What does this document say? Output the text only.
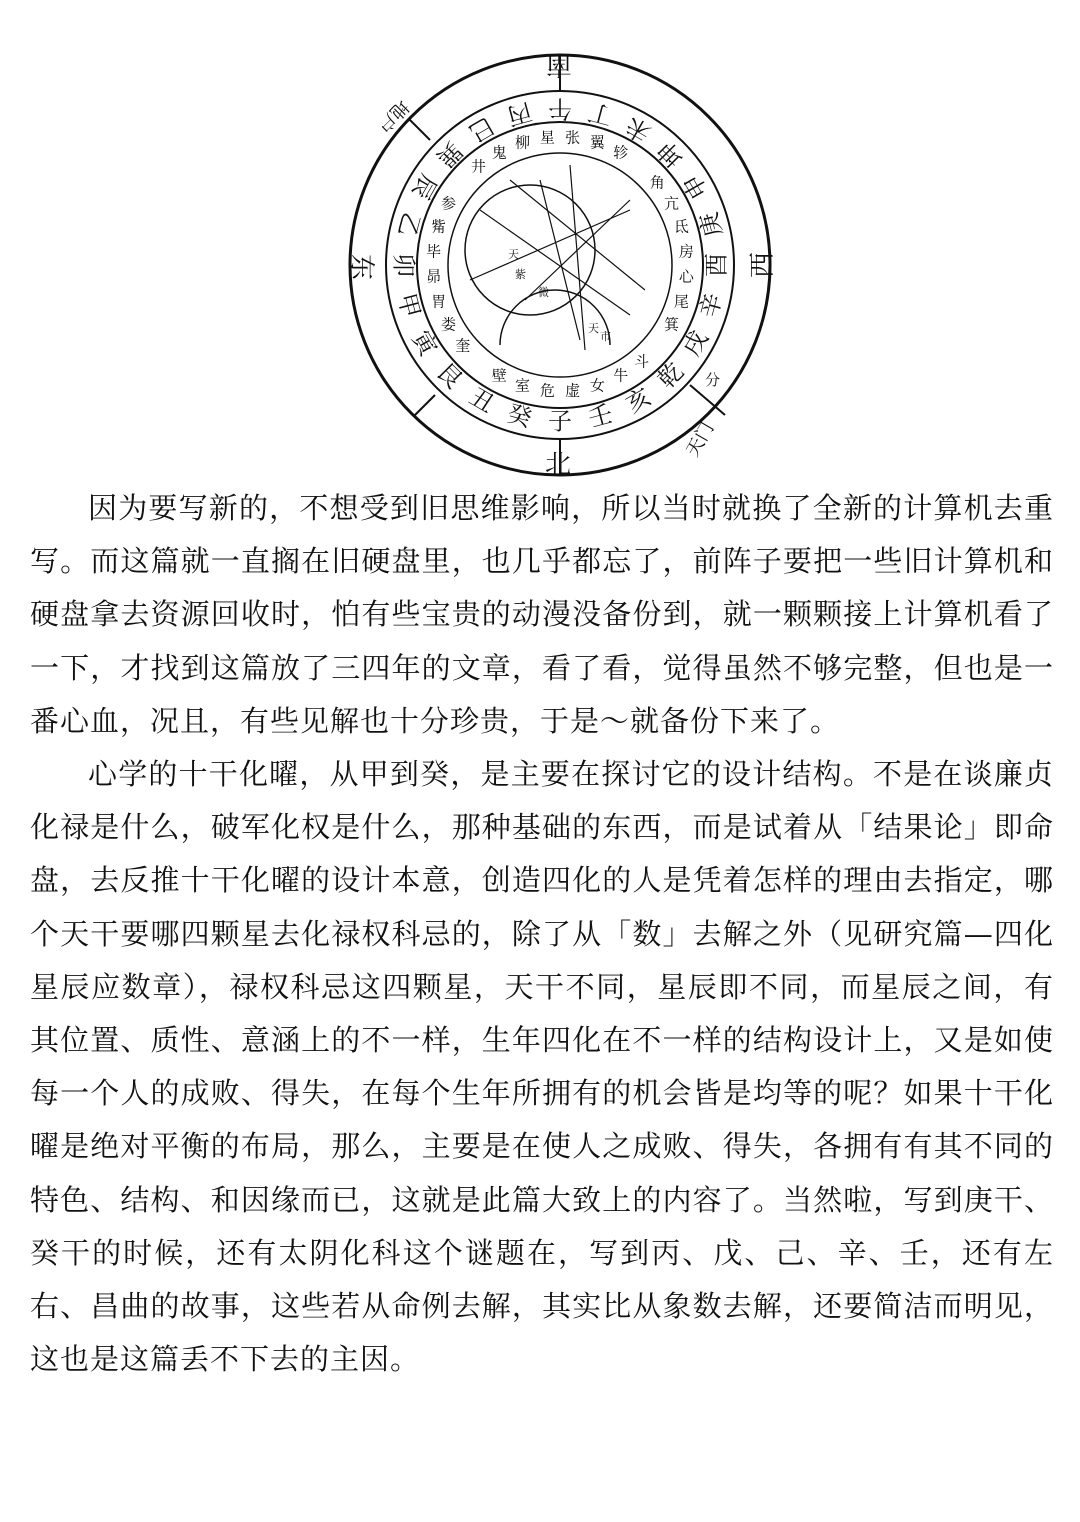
午 丁 未
坤
申
庚
酉
辛
戌
乾
亥
壬
子
癸
丑
艮
寅
甲
卯
乙
辰
巽
巳 丙
井鬼柳 星 张 翼轸
角亢氐房心尾箕
斗牛女虚危室壁
奎娄胃昴毕觜参
南
北
东	西
地户
天门
分
天
紫
微
天
市

因为要写新的，不想受到旧思维影响，所以当时就换了全新的计算机去重写。而这篇就一直搁在旧硬盘里，也几乎都忘了，前阵子要把一些旧计算机和硬盘拿去资源回收时，怕有些宝贵的动漫没备份到，就一颗颗接上计算机看了一下，才找到这篇放了三四年的文章，看了看，觉得虽然不够完整，但也是一番心血，况且，有些见解也十分珍贵，于是～就备份下来了。

心学的十干化曜，从甲到癸，是主要在探讨它的设计结构。不是在谈廉贞化禄是什么，破军化权是什么，那种基础的东西，而是试着从「结果论」即命盘，去反推十干化曜的设计本意，创造四化的人是凭着怎样的理由去指定，哪个天干要哪四颗星去化禄权科忌的，除了从「数」去解之外（见研究篇—四化星辰应数章），禄权科忌这四颗星，天干不同，星辰即不同，而星辰之间，有其位置、质性、意涵上的不一样，生年四化在不一样的结构设计上，又是如使每一个人的成败、得失，在每个生年所拥有的机会皆是均等的呢？如果十干化曜是绝对平衡的布局，那么，主要是在使人之成败、得失，各拥有有其不同的特色、结构、和因缘而已，这就是此篇大致上的内容了。当然啦，写到庚干、癸干的时候，还有太阴化科这个谜题在，写到丙、戊、己、辛、壬，还有左右、昌曲的故事，这些若从命例去解，其实比从象数去解，还要简洁而明见，这也是这篇丢不下去的主因。
